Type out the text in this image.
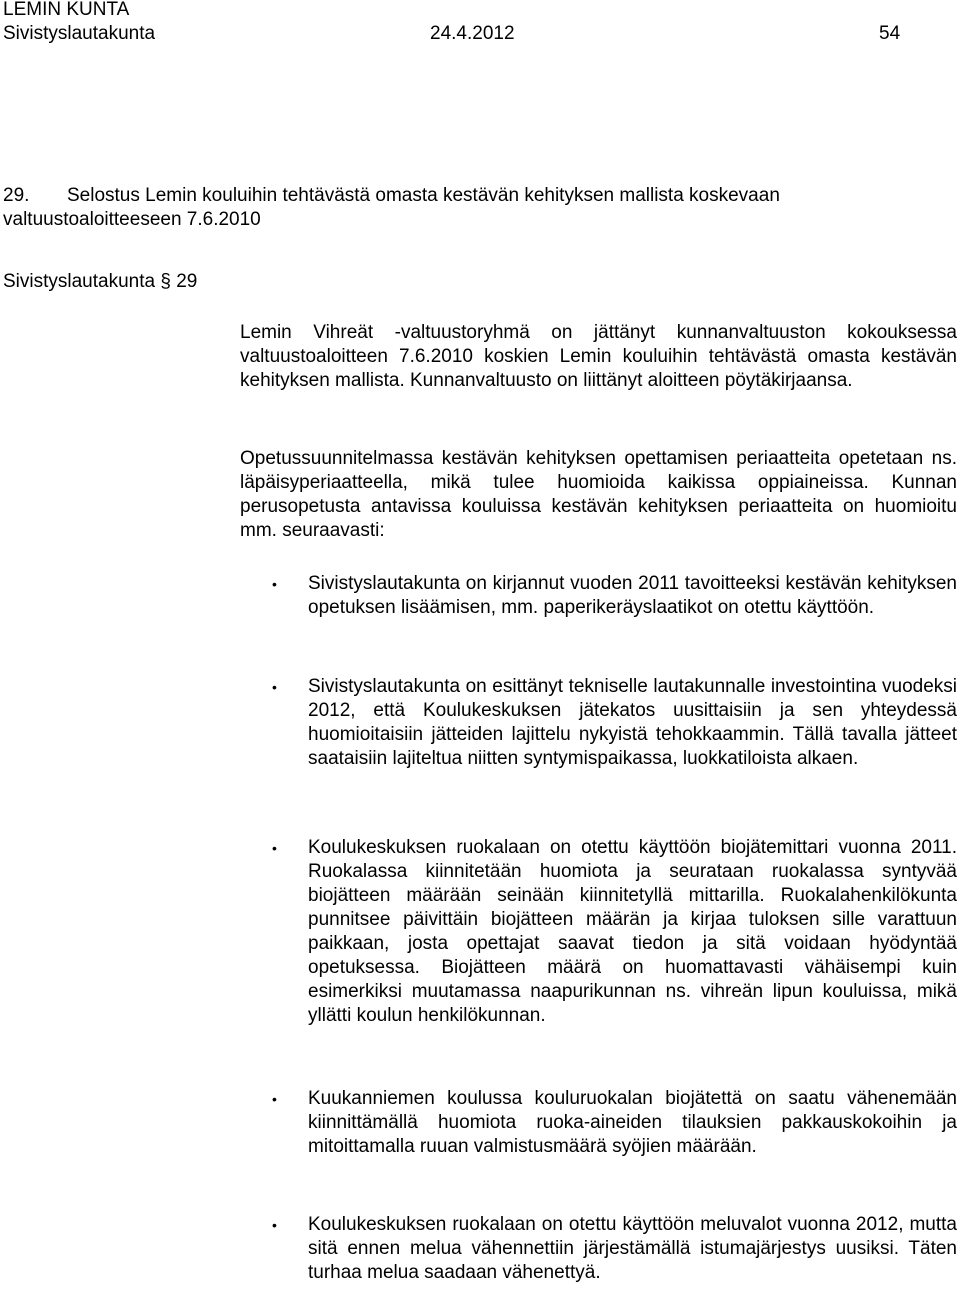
LEMIN KUNTA
Sivistyslautakunta	24.4.2012	54
29. Selostus Lemin kouluihin tehtävästä omasta kestävän kehityksen mallista koskevaan
valtuustoaloitteeseen 7.6.2010
Sivistyslautakunta § 29
Lemin Vihreät -valtuustoryhmä on jättänyt kunnanvaltuuston kokouksessa valtuustoaloitteen 7.6.2010 koskien Lemin kouluihin tehtävästä omasta kestävän kehityksen mallista. Kunnanvaltuusto on liittänyt aloitteen pöytäkirjaansa.
Opetussuunnitelmassa kestävän kehityksen opettamisen periaatteita opetetaan ns. läpäisyperiaatteella, mikä tulee huomioida kaikissa oppiaineissa. Kunnan perusopetusta antavissa kouluissa kestävän kehityksen periaatteita on huomioitu mm. seuraavasti:
• Sivistyslautakunta on kirjannut vuoden 2011 tavoitteeksi kestävän kehityksen opetuksen lisäämisen, mm. paperikeräyslaatikot on otettu käyttöön.
• Sivistyslautakunta on esittänyt tekniselle lautakunnalle investointina vuodeksi 2012, että Koulukeskuksen jätekatos uusittaisiin ja sen yhteydessä huomioitaisiin jätteiden lajittelu nykyistä tehokkaammin. Tällä tavalla jätteet saataisiin lajiteltua niitten syntymispaikassa, luokkatiloista alkaen.
• Koulukeskuksen ruokalaan on otettu käyttöön biojätemittari vuonna 2011. Ruokalassa kiinnitetään huomiota ja seurataan ruokalassa syntyvää biojätteen määrään seinään kiinnitetyllä mittarilla. Ruokalahenkilökunta punnitsee päivittäin biojätteen määrän ja kirjaa tuloksen sille varattuun paikkaan, josta opettajat saavat tiedon ja sitä voidaan hyödyntää opetuksessa. Biojätteen määrä on huomattavasti vähäisempi kuin esimerkiksi muutamassa naapurikunnan ns. vihreän lipun kouluissa, mikä yllätti koulun henkilökunnan.
• Kuukanniemen koulussa kouluruokalan biojätettä on saatu vähenemään kiinnittämällä huomiota ruoka-aineiden tilauksien pakkauskokoihin ja mitoittamalla ruuan valmistusmäärä syöjien määrään.
• Koulukeskuksen ruokalaan on otettu käyttöön meluvalot vuonna 2012, mutta sitä ennen melua vähennettiin järjestämällä istumajärjestys uusiksi. Täten turhaa melua saadaan vähenettyä.
